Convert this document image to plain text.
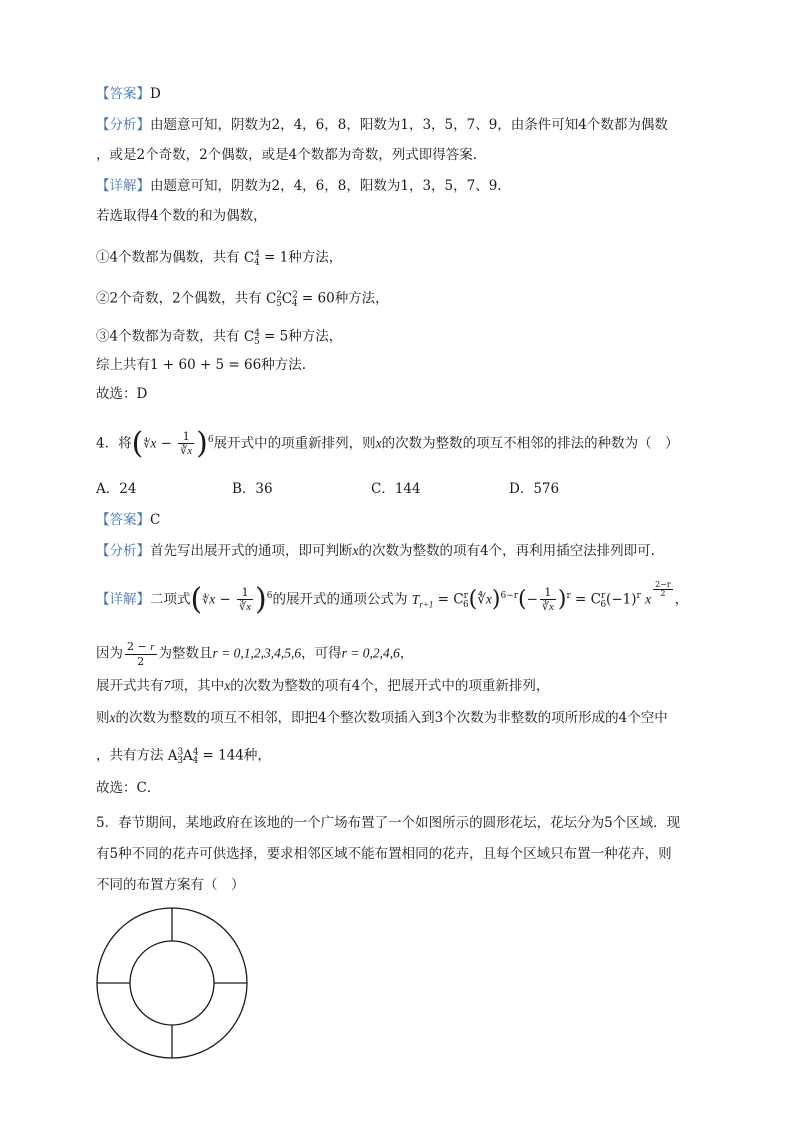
【答案】D
【分析】由题意可知，阴数为2，4，6，8，阳数为1，3，5，7、9，由条件可知4个数都为偶数
，或是2个奇数，2个偶数，或是4个数都为奇数，列式即得答案.
【详解】由题意可知，阴数为2，4，6，8，阳数为1，3，5，7、9.
若选取得4个数的和为偶数，
①4个数都为偶数，共有 $C^4_4 = 1$种方法，
②2个奇数，2个偶数，共有 $C^2_5C^2_4 = 60$种方法，
③4个数都为奇数，共有 $C^4_5 = 5$种方法，
综上共有1 + 60 + 5 = 66种方法.
故选：D
4．将(∜x − $\frac{1}{∛x} )^6$展开式中的项重新排列，则x的次数为整数的项互不相邻的排法的种数为（　）
A．24	B．36	C．144	D．576
【答案】C
【分析】首先写出展开式的通项，即可判断x的次数为整数的项有4个，再利用插空法排列即可.
【详解】二项式(∜x − $\frac{1}{∛x} )^6$的展开式的通项公式为 $T_{r+1}$ = $C^r_6(∜x)^{6-r}(- \frac{1}{∛x} )^r = C^r_6(-1)^r$ x
$^{\frac{2-r}{2}}$
，
因为 $\frac{2 - r}{2}$ 为整数且r = 0,1,2,3,4,5,6，可得r = 0,2,4,6，
展开式共有7项，其中x的次数为整数的项有4个，把展开式中的项重新排列，
则x的次数为整数的项互不相邻，即把4个整次数项插入到3个次数为非整数的项所形成的4个空中
，共有方法 $A^3_3A^4_4 = 144$种，
故选：C．
5．春节期间，某地政府在该地的一个广场布置了一个如图所示的圆形花坛，花坛分为5个区域．现
有5种不同的花卉可供选择，要求相邻区域不能布置相同的花卉，且每个区域只布置一种花卉，则
不同的布置方案有（　）
